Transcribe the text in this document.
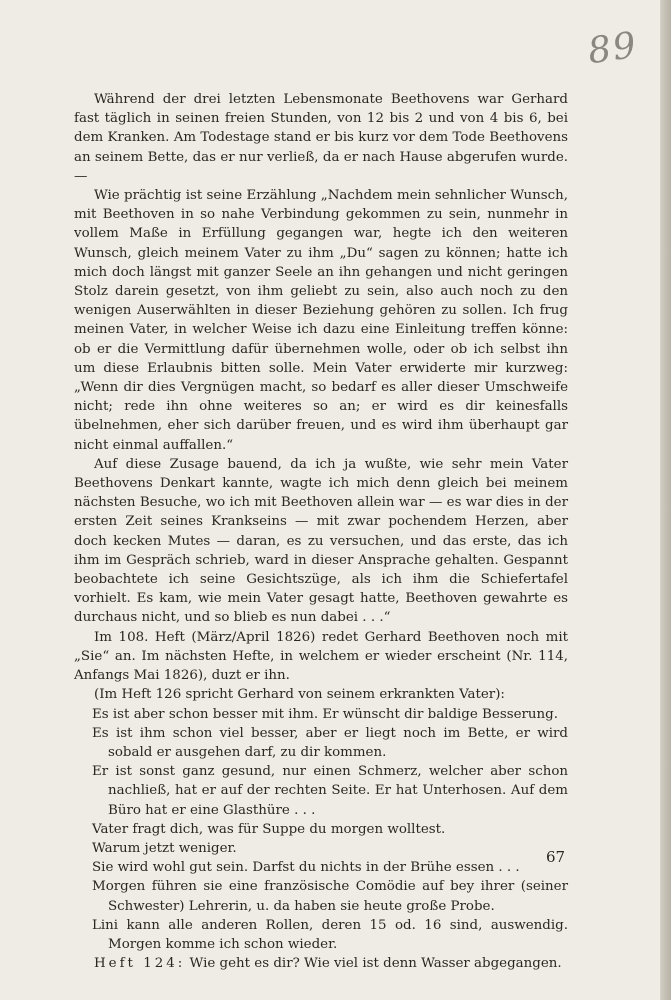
89

Während der drei letzten Lebensmonate Beethovens war Gerhard fast täglich in seinen freien Stunden, von 12 bis 2 und von 4 bis 6, bei dem Kranken. Am Todestage stand er bis kurz vor dem Tode Beethovens an seinem Bette, das er nur verließ, da er nach Hause abgerufen wurde. —

Wie prächtig ist seine Erzählung „Nachdem mein sehnlicher Wunsch, mit Beethoven in so nahe Verbindung gekommen zu sein, nunmehr in vollem Maße in Erfüllung gegangen war, hegte ich den weiteren Wunsch, gleich meinem Vater zu ihm „Du“ sagen zu können; hatte ich mich doch längst mit ganzer Seele an ihn gehangen und nicht geringen Stolz darein gesetzt, von ihm geliebt zu sein, also auch noch zu den wenigen Auserwählten in dieser Beziehung gehören zu sollen. Ich frug meinen Vater, in welcher Weise ich dazu eine Einleitung treffen könne: ob er die Vermittlung dafür übernehmen wolle, oder ob ich selbst ihn um diese Erlaubnis bitten solle. Mein Vater erwiderte mir kurzweg: „Wenn dir dies Vergnügen macht, so bedarf es aller dieser Umschweife nicht; rede ihn ohne weiteres so an; er wird es dir keinesfalls übelnehmen, eher sich darüber freuen, und es wird ihm überhaupt gar nicht einmal auffallen.“

Auf diese Zusage bauend, da ich ja wußte, wie sehr mein Vater Beethovens Denkart kannte, wagte ich mich denn gleich bei meinem nächsten Besuche, wo ich mit Beethoven allein war — es war dies in der ersten Zeit seines Krankseins — mit zwar pochendem Herzen, aber doch kecken Mutes — daran, es zu versuchen, und das erste, das ich ihm im Gespräch schrieb, ward in dieser Ansprache gehalten. Gespannt beobachtete ich seine Gesichtszüge, als ich ihm die Schiefertafel vorhielt. Es kam, wie mein Vater gesagt hatte, Beethoven gewahrte es durchaus nicht, und so blieb es nun dabei . . .“

Im 108. Heft (März/April 1826) redet Gerhard Beethoven noch mit „Sie“ an. Im nächsten Hefte, in welchem er wieder erscheint (Nr. 114, Anfangs Mai 1826), duzt er ihn.

(Im Heft 126 spricht Gerhard von seinem erkrankten Vater):

Es ist aber schon besser mit ihm. Er wünscht dir baldige Besserung.
Es ist ihm schon viel besser, aber er liegt noch im Bette, er wird sobald er ausgehen darf, zu dir kommen.
Er ist sonst ganz gesund, nur einen Schmerz, welcher aber schon nachließ, hat er auf der rechten Seite. Er hat Unterhosen. Auf dem Büro hat er eine Glasthüre . . .
Vater fragt dich, was für Suppe du morgen wolltest.
Warum jetzt weniger.
Sie wird wohl gut sein. Darfst du nichts in der Brühe essen . . .
Morgen führen sie eine französische Comödie auf bey ihrer (seiner Schwester) Lehrerin, u. da haben sie heute große Probe.
Lini kann alle anderen Rollen, deren 15 od. 16 sind, auswendig. Morgen komme ich schon wieder.

Heft 124: Wie geht es dir? Wie viel ist denn Wasser abgegangen.

67
